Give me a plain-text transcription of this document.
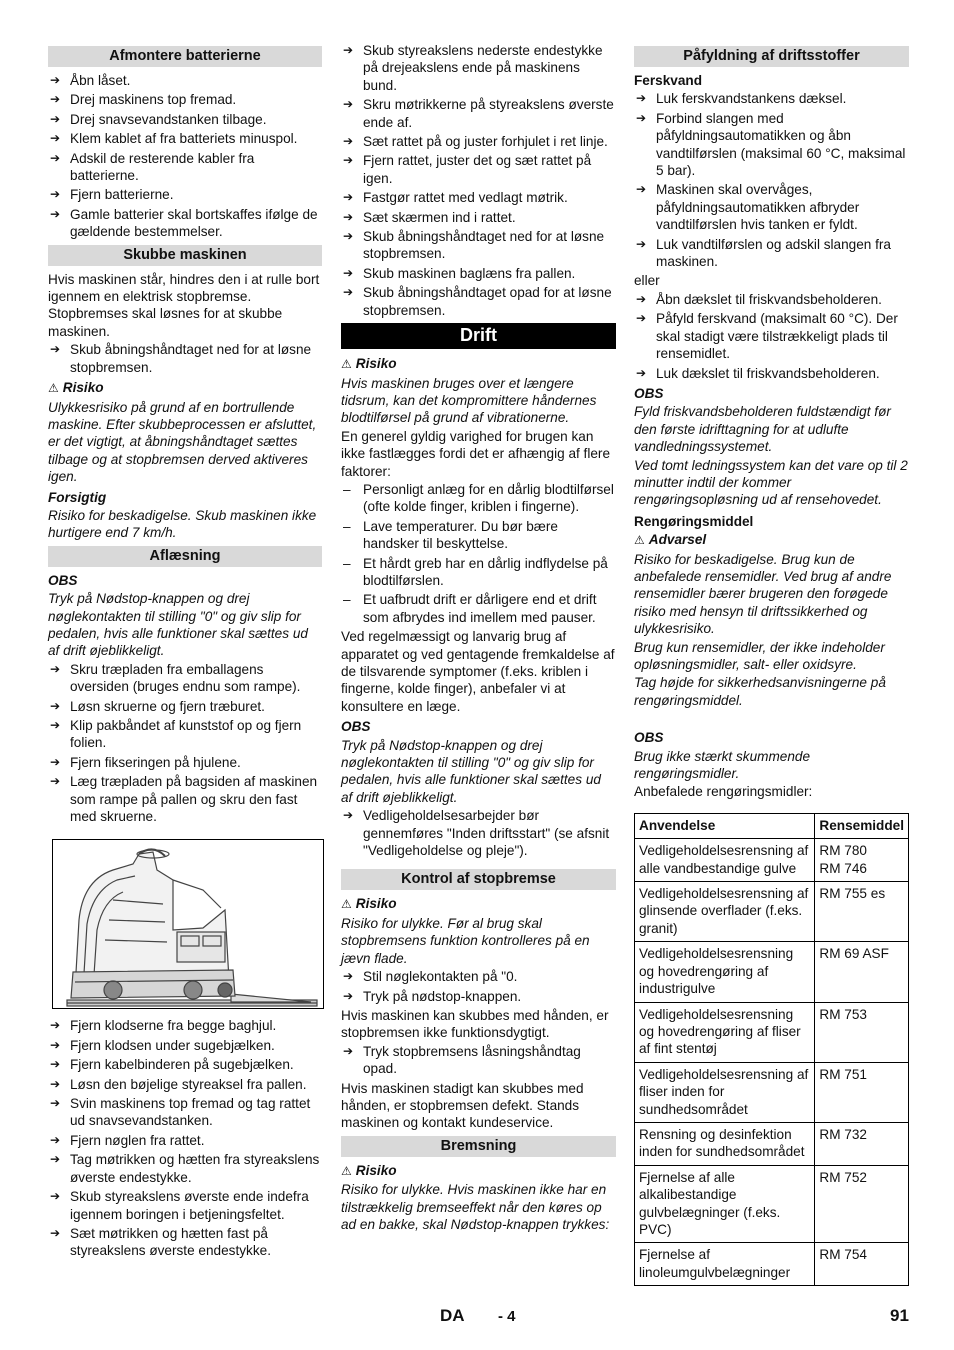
Afmontere batterierne
➔ Åbn låset.
➔ Drej maskinens top fremad.
➔ Drej snavsevandstanken tilbage.
➔ Klem kablet af fra batteriets minuspol.
➔ Adskil de resterende kabler fra batterierne.
➔ Fjern batterierne.
➔ Gamle batterier skal bortskaffes ifølge de gældende bestemmelser.
Skubbe maskinen

Hvis maskinen står, hindres den i at rulle bort igennem en elektrisk stopbremse. Stopbremses skal løsnes for at skubbe maskinen.

➔ Skub åbningshåndtaget ned for at løsne stopbremsen.

⚠ Risiko

Ulykkesrisiko på grund af en bortrullende maskine. Efter skubbeprocessen er afsluttet, er det vigtigt, at åbningshåndtaget sættes tilbage og at stopbremsen derved aktiveres igen.

Forsigtig

Risiko for beskadigelse. Skub maskinen ikke hurtigere end 7 km/h.

Aflæsning

OBS

Tryk på Nødstop-knappen og drej nøglekontakten til stilling "0" og giv slip for pedalen, hvis alle funktioner skal sættes ud af drift øjeblikkeligt.

➔ Skru træpladen fra emballagens oversiden (bruges endnu som rampe).
➔ Løsn skruerne og fjern træburet.
➔ Klip pakbåndet af kunststof op og fjern folien.
➔ Fjern fikseringen på hjulene.
➔ Læg træpladen på bagsiden af maskinen som rampe på pallen og skru den fast med skruerne.
➔ Fjern klodserne fra begge baghjul.
➔ Fjern klodsen under sugebjælken.
➔ Fjern kabelbinderen på sugebjælken.
➔ Løsn den bøjelige styreaksel fra pallen.
➔ Svin maskinens top fremad og tag rattet ud snavsevandstanken.
➔ Fjern nøglen fra rattet.
➔ Tag møtrikken og hætten fra styreakslens øverste endestykke.
➔ Skub styreakslens øverste ende indefra igennem boringen i betjeningsfeltet.
➔ Sæt møtrikken og hætten fast på styreakslens øverste endestykke.
➔ Skub styreakslens nederste endestykke på drejeakslens ende på maskinens bund.
➔ Skru møtrikkerne på styreakslens øverste ende af.
➔ Sæt rattet på og juster forhjulet i ret linje.
➔ Fjern rattet, juster det og sæt rattet på igen.
➔ Fastgør rattet med vedlagt møtrik.
➔ Sæt skærmen ind i rattet.
➔ Skub åbningshåndtaget ned for at løsne stopbremsen.
➔ Skub maskinen baglæns fra pallen.
➔ Skub åbningshåndtaget opad for at løsne stopbremsen.
Drift

⚠ Risiko

Hvis maskinen bruges over et længere tidsrum, kan det kompromittere håndernes blodtilførsel på grund af vibrationerne.

En generel gyldig varighed for brugen kan ikke fastlægges fordi det er afhængig af flere faktorer:

– Personligt anlæg for en dårlig blodtilførsel (ofte kolde finger, kriblen i fingerne).
– Lave temperaturer. Du bør bære handsker til beskyttelse.
– Et hårdt greb har en dårlig indflydelse på blodtilførslen.
– Et uafbrudt drift er dårligere end et drift som afbrydes ind imellem med pauser.

Ved regelmæssigt og lanvarig brug af apparatet og ved gentagende fremkaldelse af de tilsvarende symptomer (f.eks. kriblen i fingerne, kolde finger), anbefaler vi at konsultere en læge.

OBS

Tryk på Nødstop-knappen og drej nøglekontakten til stilling "0" og giv slip for pedalen, hvis alle funktioner skal sættes ud af drift øjeblikkeligt.

➔ Vedligeholdelsesarbejder bør gennemføres "Inden driftsstart" (se afsnit "Vedligeholdelse og pleje").
Kontrol af stopbremse

⚠ Risiko

Risiko for ulykke. Før al brug skal stopbremsens funktion kontrolleres på en jævn flade.

➔ Stil nøglekontakten på "0.
➔ Tryk på nødstop-knappen.

Hvis maskinen kan skubbes med hånden, er stopbremsen ikke funktionsdygtigt.

➔ Tryk stopbremsens låsningshåndtag opad.

Hvis maskinen stadigt kan skubbes med hånden, er stopbremsen defekt. Stands maskinen og kontakt kundeservice.

Bremsning

⚠ Risiko

Risiko for ulykke. Hvis maskinen ikke har en tilstrækkelig bremseeffekt når den køres op ad en bakke, skal Nødstop-knappen trykkes:

Påfyldning af driftsstoffer

Ferskvand

➔ Luk ferskvandstankens dæksel.
➔ Forbind slangen med påfyldningsautomatikken og åbn vandtilførslen (maksimal 60 °C, maksimal 5 bar).
➔ Maskinen skal overvåges, påfyldningsautomatikken afbryder vandtilførslen hvis tanken er fyldt.
➔ Luk vandtilførslen og adskil slangen fra maskinen.

eller

➔ Åbn dækslet til friskvandsbeholderen.
➔ Påfyld ferskvand (maksimalt 60 °C). Der skal stadigt være tilstrækkeligt plads til rensemidlet.
➔ Luk dækslet til friskvandsbeholderen.

OBS

Fyld friskvandsbeholderen fuldstændigt før den første idrifttagning for at udlufte vandledningssystemet.

Ved tomt ledningssystem kan det vare op til 2 minutter indtil der kommer rengøringsopløsning ud af rensehovedet.

Rengøringsmiddel

⚠ Advarsel

Risiko for beskadigelse. Brug kun de anbefalede rensemidler. Ved brug af andre rensemidler bærer brugeren den forøgede risiko med hensyn til driftssikkerhed og ulykkesrisiko.

Brug kun rensemidler, der ikke indeholder opløsningsmidler, salt- eller oxidsyre.

Tag højde for sikkerhedsanvisningerne på rengøringsmiddel.

OBS

Brug ikke stærkt skummende rengøringsmidler.

Anbefalede rengøringsmidler:

Anvendelse	Rensemiddel
Vedligeholdelsesrensning af alle vandbestandige gulve	RM 780
RM 746
Vedligeholdelsesrensning af glinsende overflader (f.eks. granit)	RM 755 es
Vedligeholdelsesrensning og hovedrengøring af industrigulve	RM 69 ASF
Vedligeholdelsesrensning og hovedrengøring af fliser af fint stentøj	RM 753
Vedligeholdelsesrensning af fliser inden for sundhedsområdet	RM 751
Rensning og desinfektion inden for sundhedsområdet	RM 732
Fjernelse af alle alkalibestandige gulvbelægninger (f.eks. PVC)	RM 752
Fjernelse af linoleumgulvbelægninger	RM 754
DA - 4	91
